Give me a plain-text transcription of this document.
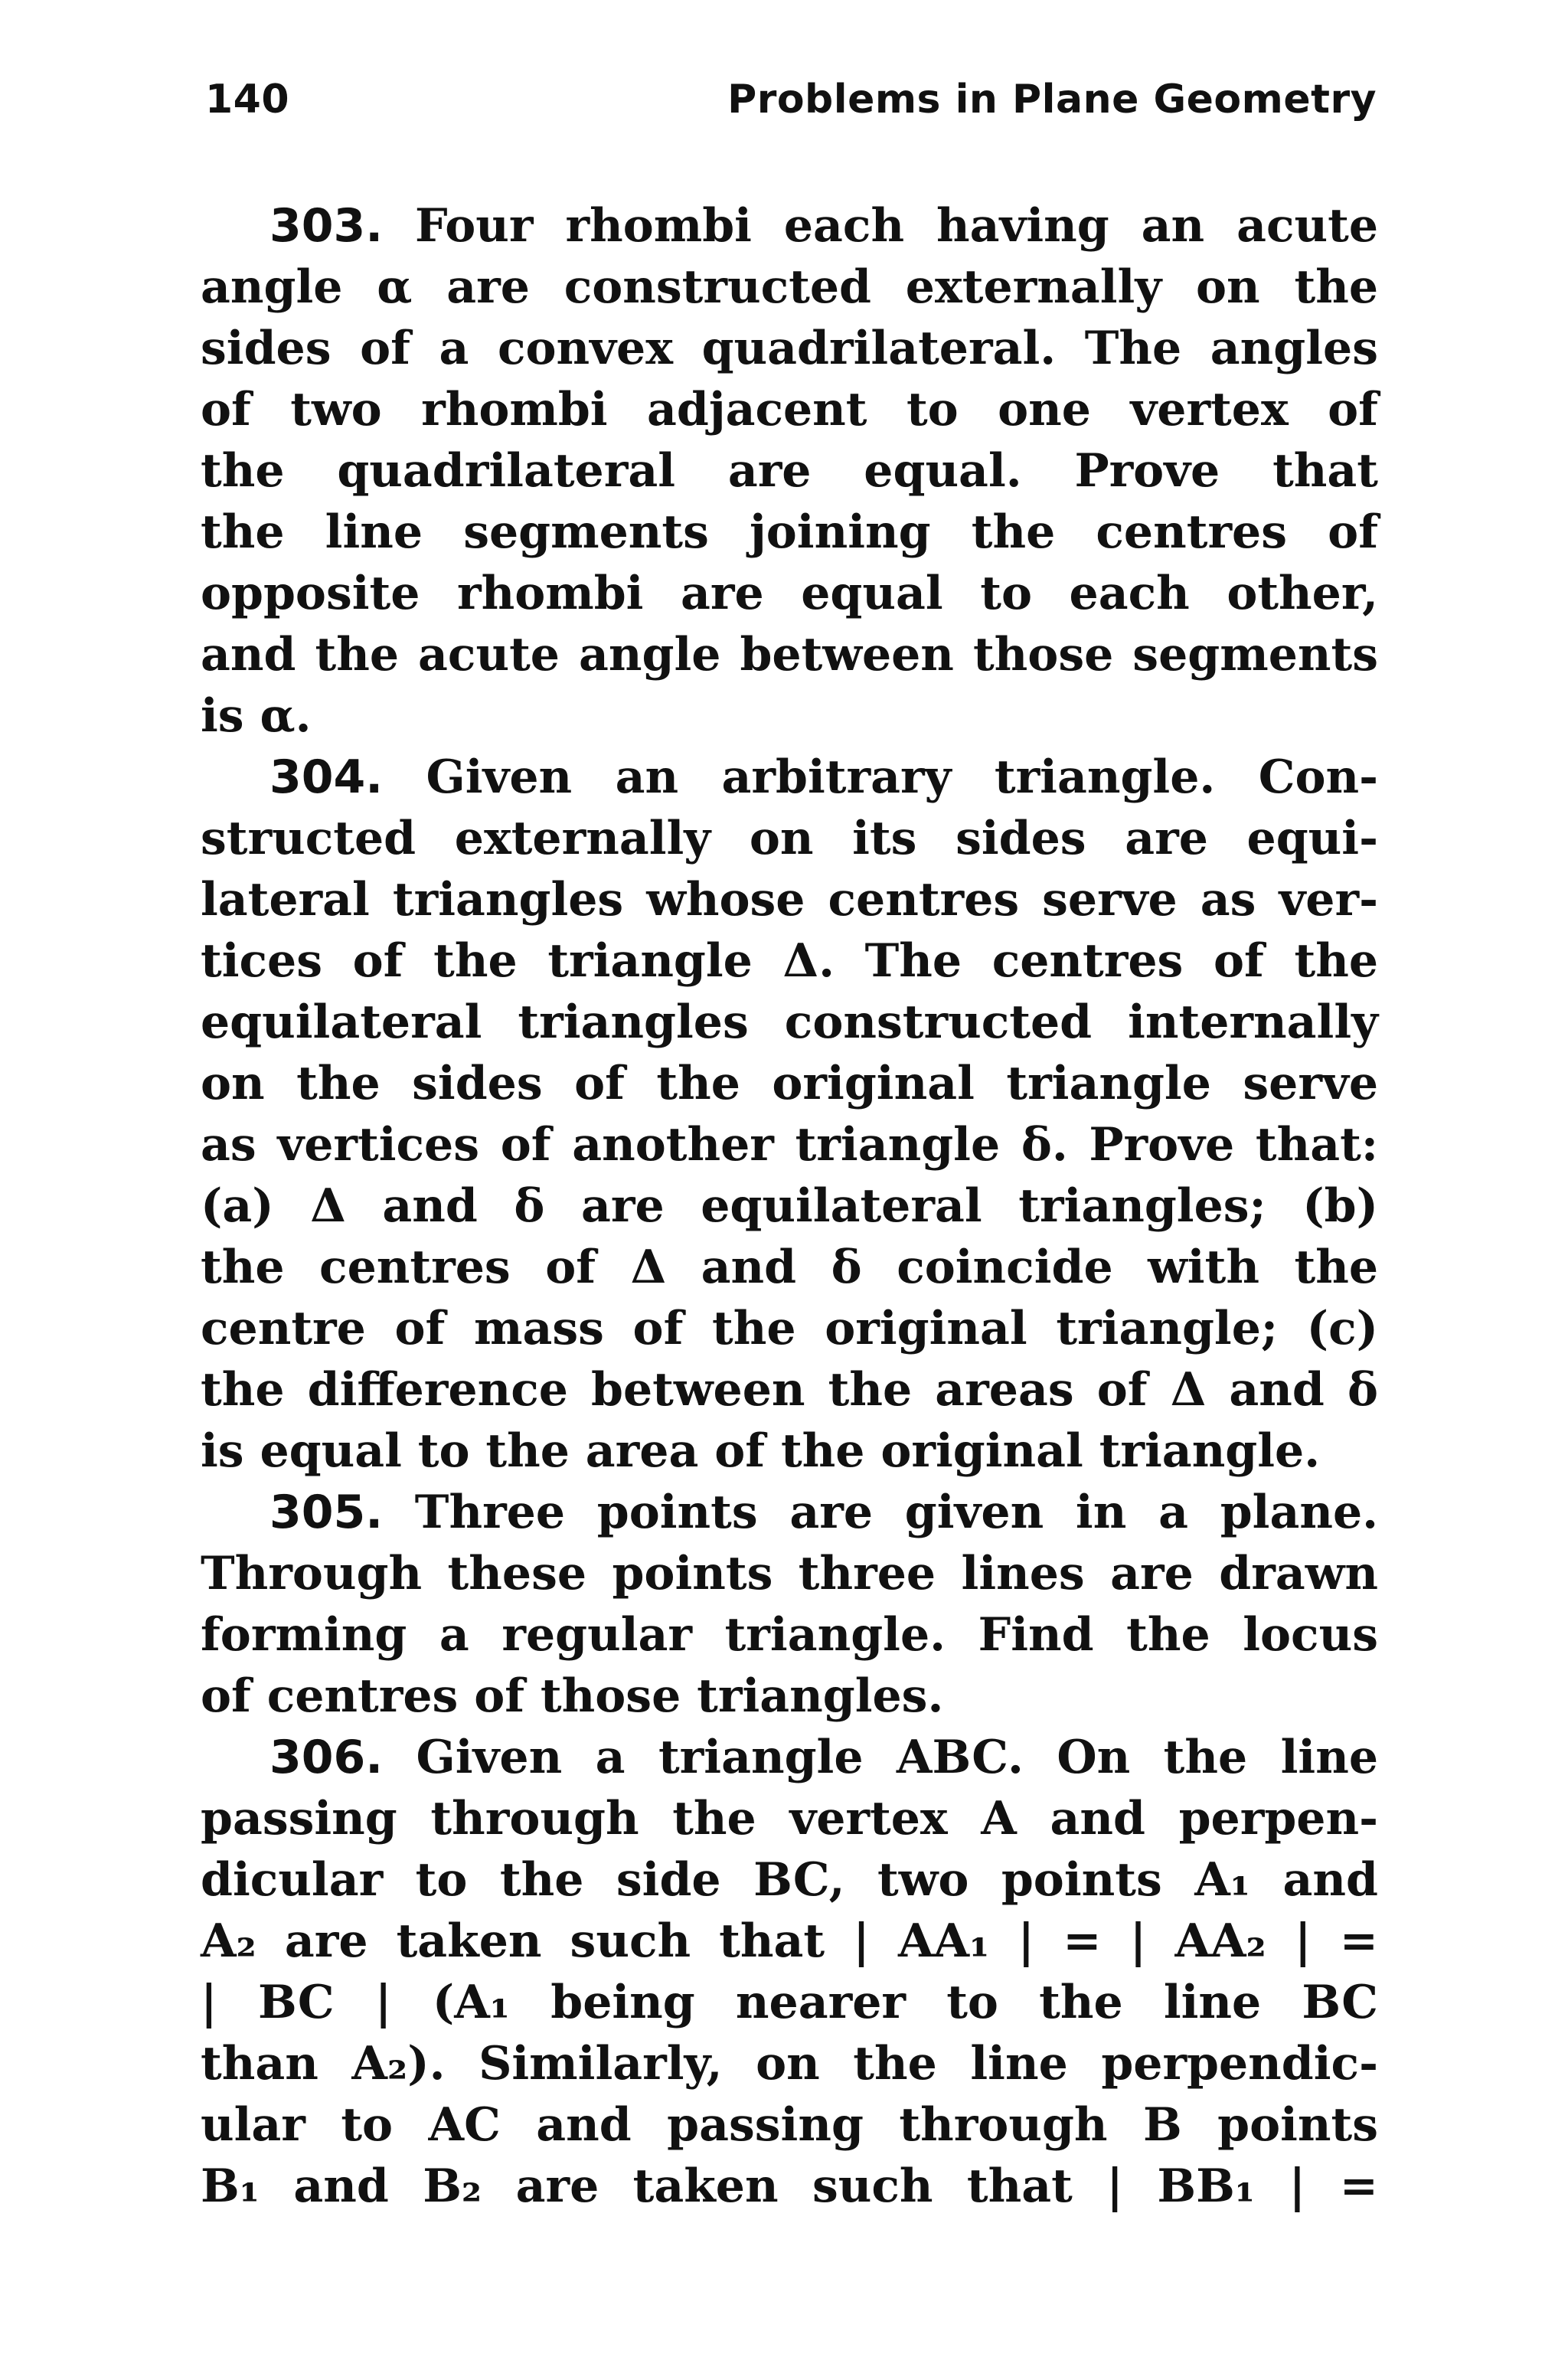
140	Problems in Plane Geometry
303. Four rhombi each having an acute
angle α are constructed externally on the
sides of a convex quadrilateral. The angles
of two rhombi adjacent to one vertex of
the quadrilateral are equal. Prove that
the line segments joining the centres of
opposite rhombi are equal to each other,
and the acute angle between those segments
is α.
304. Given an arbitrary triangle. Con-
structed externally on its sides are equi-
lateral triangles whose centres serve as ver-
tices of the triangle Δ. The centres of the
equilateral triangles constructed internally
on the sides of the original triangle serve
as vertices of another triangle δ. Prove that:
(a) Δ and δ are equilateral triangles; (b)
the centres of Δ and δ coincide with the
centre of mass of the original triangle; (c)
the difference between the areas of Δ and δ
is equal to the area of the original triangle.
305. Three points are given in a plane.
Through these points three lines are drawn
forming a regular triangle. Find the locus
of centres of those triangles.
306. Given a triangle ABC. On the line
passing through the vertex A and perpen-
dicular to the side BC, two points A₁ and
A₂ are taken such that | AA₁ | = | AA₂ | =
| BC | (A₁ being nearer to the line BC
than A₂). Similarly, on the line perpendic-
ular to AC and passing through B points
B₁ and B₂ are taken such that | BB₁ | =
